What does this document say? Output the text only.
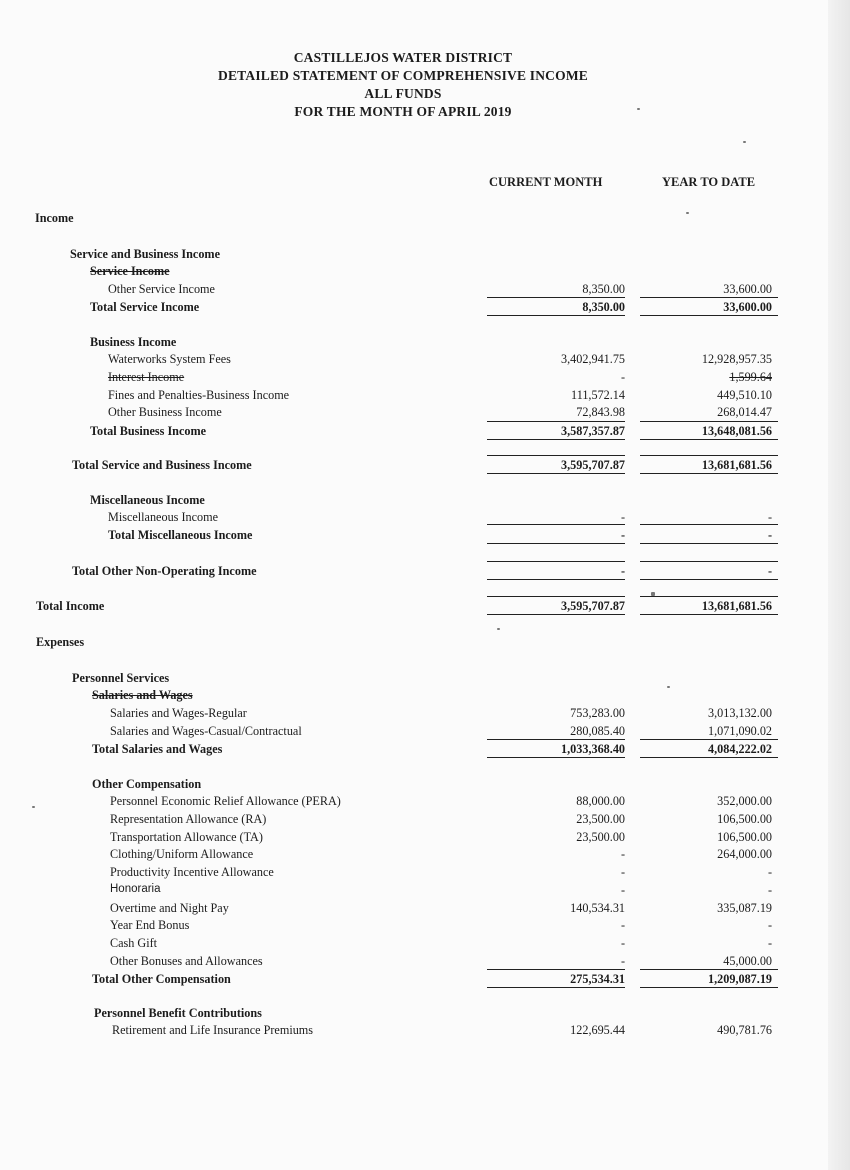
CASTILLEJOS WATER DISTRICT
DETAILED STATEMENT OF COMPREHENSIVE INCOME
ALL FUNDS
FOR THE MONTH OF APRIL 2019
CURRENT MONTH	YEAR TO DATE
Income
Service and Business Income
Service Income
Other Service Income	8,350.00	33,600.00
Total Service Income	8,350.00	33,600.00
Business Income
Waterworks System Fees	3,402,941.75	12,928,957.35
Interest Income	-	1,599.64
Fines and Penalties-Business Income	111,572.14	449,510.10
Other Business Income	72,843.98	268,014.47
Total Business Income	3,587,357.87	13,648,081.56
Total Service and Business Income	3,595,707.87	13,681,681.56
Miscellaneous Income
Miscellaneous Income	-	-
Total Miscellaneous Income	-	-
Total Other Non-Operating Income	-	-
Total Income	3,595,707.87	13,681,681.56
Expenses
Personnel Services
Salaries and Wages
Salaries and Wages-Regular	753,283.00	3,013,132.00
Salaries and Wages-Casual/Contractual	280,085.40	1,071,090.02
Total Salaries and Wages	1,033,368.40	4,084,222.02
Other Compensation
Personnel Economic Relief Allowance (PERA)	88,000.00	352,000.00
Representation Allowance (RA)	23,500.00	106,500.00
Transportation Allowance (TA)	23,500.00	106,500.00
Clothing/Uniform Allowance	-	264,000.00
Productivity Incentive Allowance	-	-
Honoraria	-	-
Overtime and Night Pay	140,534.31	335,087.19
Year End Bonus	-	-
Cash Gift	-	-
Other Bonuses and Allowances	-	45,000.00
Total Other Compensation	275,534.31	1,209,087.19
Personnel Benefit Contributions
Retirement and Life Insurance Premiums	122,695.44	490,781.76
